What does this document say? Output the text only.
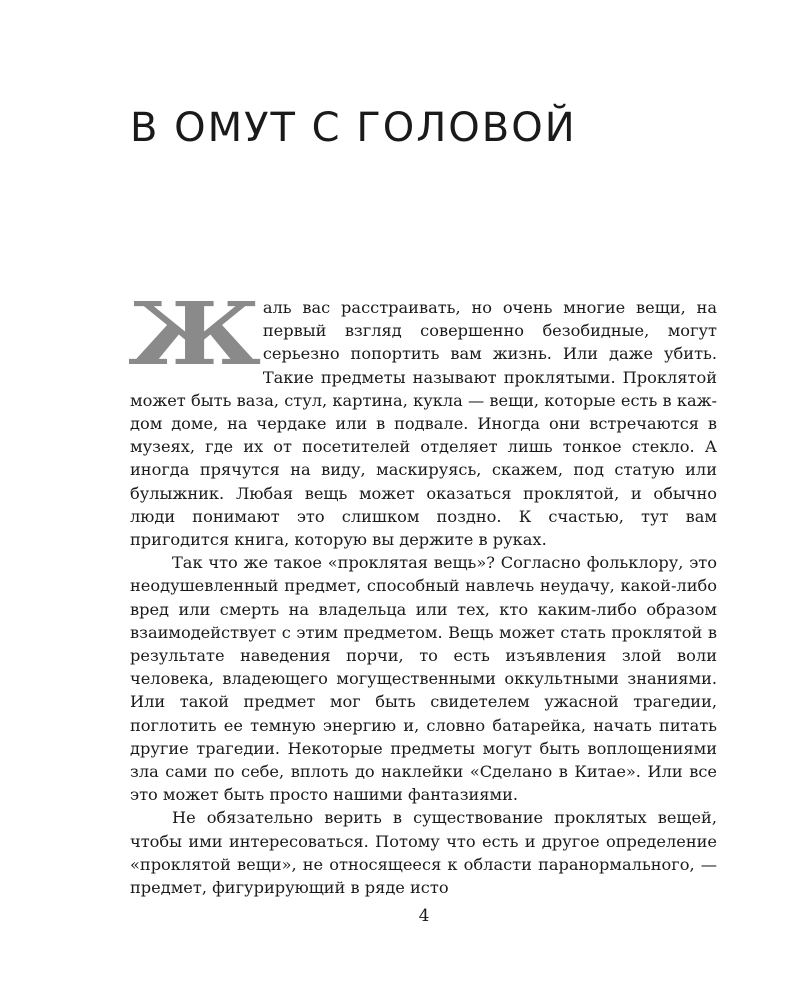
В ОМУТ С ГОЛОВОЙ

Жаль вас расстраивать, но очень многие вещи, на первый взгляд совершенно безобидные, могут серьезно попортить вам жизнь. Или даже убить. Такие предметы называют проклятыми. Проклятой может быть ваза, стул, картина, кукла — вещи, которые есть в каждом доме, на чердаке или в подвале. Иногда они встречаются в музеях, где их от посетителей отделяет лишь тонкое стекло. А иногда прячутся на виду, маскируясь, скажем, под статую или булыжник. Любая вещь может оказаться проклятой, и обычно люди понимают это слишком поздно. К счастью, тут вам пригодится книга, которую вы держите в руках.

Так что же такое «проклятая вещь»? Согласно фольклору, это неодушевленный предмет, способный навлечь неудачу, какой-либо вред или смерть на владельца или тех, кто каким-либо образом взаимодействует с этим предметом. Вещь может стать проклятой в результате наведения порчи, то есть изъявления злой воли человека, владеющего могущественными оккультными знаниями. Или такой предмет мог быть свидетелем ужасной трагедии, поглотить ее темную энергию и, словно батарейка, начать питать другие трагедии. Некоторые предметы могут быть воплощениями зла сами по себе, вплоть до наклейки «Сделано в Китае». Или все это может быть просто нашими фантазиями.

Не обязательно верить в существование проклятых вещей, чтобы ими интересоваться. Потому что есть и другое определение «проклятой вещи», не относящееся к области паранормального, — предмет, фигурирующий в ряде исто

4
